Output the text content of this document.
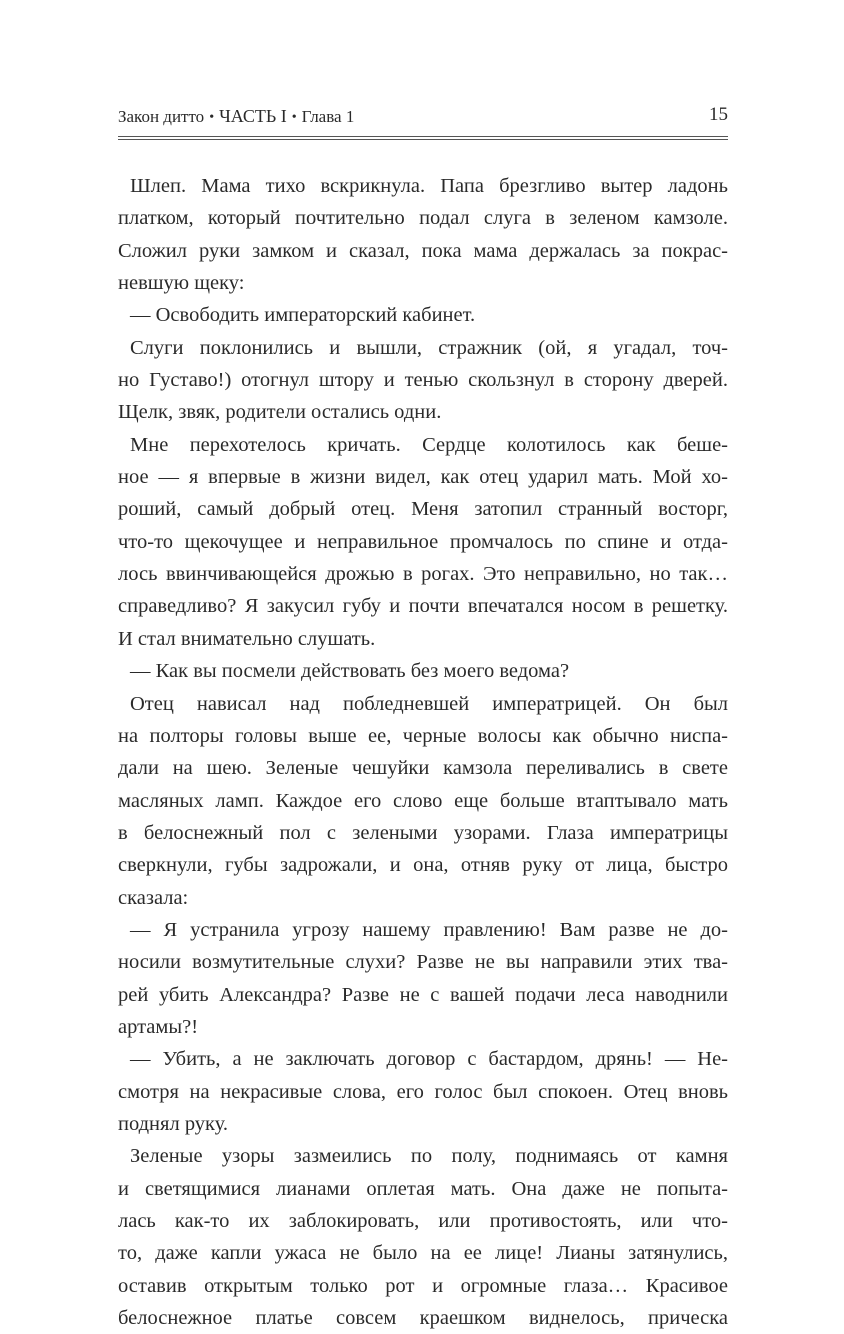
Закон дитто • ЧАСТЬ I • Глава 1	15
Шлеп. Мама тихо вскрикнула. Папа брезгливо вытер ладонь
платком, который почтительно подал слуга в зеленом камзоле.
Сложил руки замком и сказал, пока мама держалась за покрас-
невшую щеку:
— Освободить императорский кабинет.
Слуги поклонились и вышли, стражник (ой, я угадал, точ-
но Густаво!) отогнул штору и тенью скользнул в сторону дверей.
Щелк, звяк, родители остались одни.
Мне перехотелось кричать. Сердце колотилось как беше-
ное — я впервые в жизни видел, как отец ударил мать. Мой хо-
роший, самый добрый отец. Меня затопил странный восторг,
что-то щекочущее и неправильное промчалось по спине и отда-
лось ввинчивающейся дрожью в рогах. Это неправильно, но так…
справедливо? Я закусил губу и почти впечатался носом в решетку.
И стал внимательно слушать.
— Как вы посмели действовать без моего ведома?
Отец нависал над побледневшей императрицей. Он был
на полторы головы выше ее, черные волосы как обычно ниспа-
дали на шею. Зеленые чешуйки камзола переливались в свете
масляных ламп. Каждое его слово еще больше втаптывало мать
в белоснежный пол с зелеными узорами. Глаза императрицы
сверкнули, губы задрожали, и она, отняв руку от лица, быстро
сказала:
— Я устранила угрозу нашему правлению! Вам разве не до-
носили возмутительные слухи? Разве не вы направили этих тва-
рей убить Александра? Разве не с вашей подачи леса наводнили
артамы?!
— Убить, а не заключать договор с бастардом, дрянь! — Не-
смотря на некрасивые слова, его голос был спокоен. Отец вновь
поднял руку.
Зеленые узоры зазмеились по полу, поднимаясь от камня
и светящимися лианами оплетая мать. Она даже не попыта-
лась как-то их заблокировать, или противостоять, или что-
то, даже капли ужаса не было на ее лице! Лианы затянулись,
оставив открытым только рот и огромные глаза… Красивое
белоснежное платье совсем краешком виднелось, прическа
